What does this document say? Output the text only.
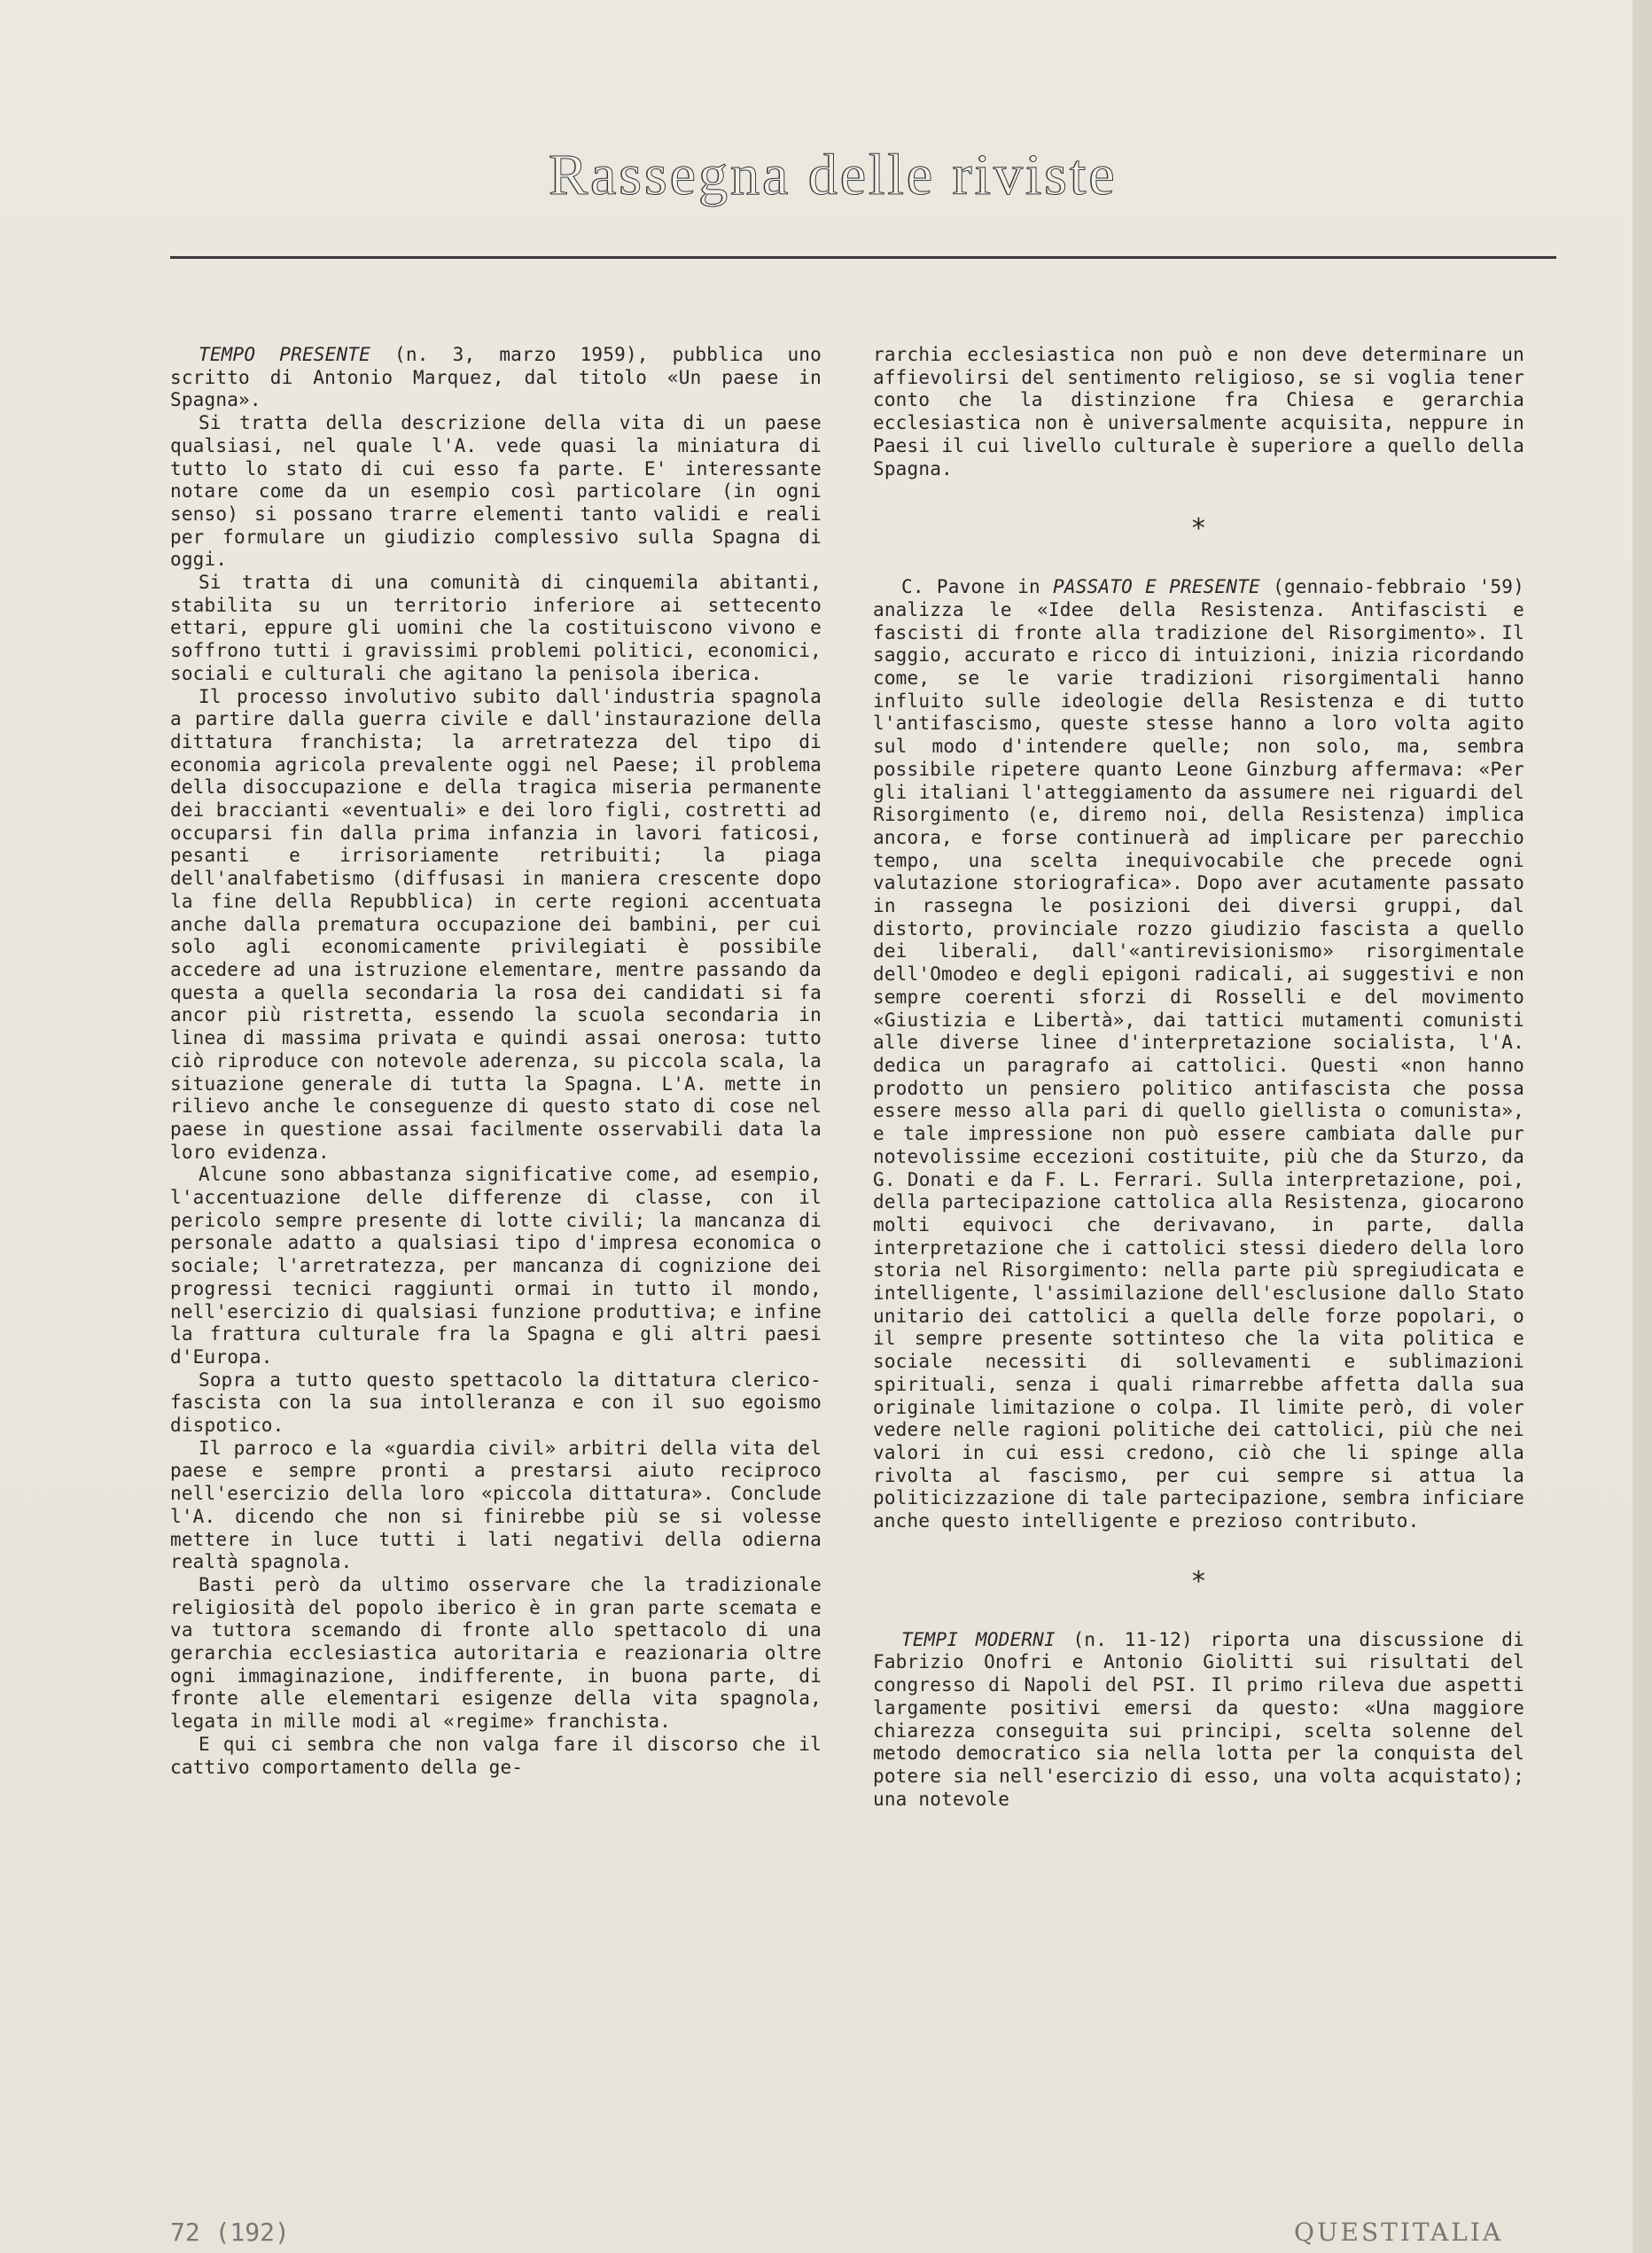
Rassegna delle riviste

TEMPO PRESENTE (n. 3, marzo 1959), pubblica uno scritto di Antonio Marquez, dal titolo «Un paese in Spagna».

Si tratta della descrizione della vita di un paese qualsiasi, nel quale l'A. vede quasi la miniatura di tutto lo stato di cui esso fa parte. E' interessante notare come da un esempio così particolare (in ogni senso) si possano trarre elementi tanto validi e reali per formulare un giudizio complessivo sulla Spagna di oggi.

Si tratta di una comunità di cinquemila abitanti, stabilita su un territorio inferiore ai settecento ettari, eppure gli uomini che la costituiscono vivono e soffrono tutti i gravissimi problemi politici, economici, sociali e culturali che agitano la penisola iberica.

Il processo involutivo subito dall'industria spagnola a partire dalla guerra civile e dall'instaurazione della dittatura franchista; la arretratezza del tipo di economia agricola prevalente oggi nel Paese; il problema della disoccupazione e della tragica miseria permanente dei braccianti «eventuali» e dei loro figli, costretti ad occuparsi fin dalla prima infanzia in lavori faticosi, pesanti e irrisoriamente retribuiti; la piaga dell'analfabetismo (diffusasi in maniera crescente dopo la fine della Repubblica) in certe regioni accentuata anche dalla prematura occupazione dei bambini, per cui solo agli economicamente privilegiati è possibile accedere ad una istruzione elementare, mentre passando da questa a quella secondaria la rosa dei candidati si fa ancor più ristretta, essendo la scuola secondaria in linea di massima privata e quindi assai onerosa: tutto ciò riproduce con notevole aderenza, su piccola scala, la situazione generale di tutta la Spagna. L'A. mette in rilievo anche le conseguenze di questo stato di cose nel paese in questione assai facilmente osservabili data la loro evidenza.

Alcune sono abbastanza significative come, ad esempio, l'accentuazione delle differenze di classe, con il pericolo sempre presente di lotte civili; la mancanza di personale adatto a qualsiasi tipo d'impresa economica o sociale; l'arretratezza, per mancanza di cognizione dei progressi tecnici raggiunti ormai in tutto il mondo, nell'esercizio di qualsiasi funzione produttiva; e infine la frattura culturale fra la Spagna e gli altri paesi d'Europa.

Sopra a tutto questo spettacolo la dittatura clerico-fascista con la sua intolleranza e con il suo egoismo dispotico.

Il parroco e la «guardia civil» arbitri della vita del paese e sempre pronti a prestarsi aiuto reciproco nell'esercizio della loro «piccola dittatura». Conclude l'A. dicendo che non si finirebbe più se si volesse mettere in luce tutti i lati negativi della odierna realtà spagnola.

Basti però da ultimo osservare che la tradizionale religiosità del popolo iberico è in gran parte scemata e va tuttora scemando di fronte allo spettacolo di una gerarchia ecclesiastica autoritaria e reazionaria oltre ogni immaginazione, indifferente, in buona parte, di fronte alle elementari esigenze della vita spagnola, legata in mille modi al «regime» franchista.

E qui ci sembra che non valga fare il discorso che il cattivo comportamento della ge-

rarchia ecclesiastica non può e non deve determinare un affievolirsi del sentimento religioso, se si voglia tener conto che la distinzione fra Chiesa e gerarchia ecclesiastica non è universalmente acquisita, neppure in Paesi il cui livello culturale è superiore a quello della Spagna.

*

C. Pavone in PASSATO E PRESENTE (gennaio-febbraio '59) analizza le «Idee della Resistenza. Antifascisti e fascisti di fronte alla tradizione del Risorgimento». Il saggio, accurato e ricco di intuizioni, inizia ricordando come, se le varie tradizioni risorgimentali hanno influito sulle ideologie della Resistenza e di tutto l'antifascismo, queste stesse hanno a loro volta agito sul modo d'intendere quelle; non solo, ma, sembra possibile ripetere quanto Leone Ginzburg affermava: «Per gli italiani l'atteggiamento da assumere nei riguardi del Risorgimento (e, diremo noi, della Resistenza) implica ancora, e forse continuerà ad implicare per parecchio tempo, una scelta inequivocabile che precede ogni valutazione storiografica». Dopo aver acutamente passato in rassegna le posizioni dei diversi gruppi, dal distorto, provinciale rozzo giudizio fascista a quello dei liberali, dall'«antirevisionismo» risorgimentale dell'Omodeo e degli epigoni radicali, ai suggestivi e non sempre coerenti sforzi di Rosselli e del movimento «Giustizia e Libertà», dai tattici mutamenti comunisti alle diverse linee d'interpretazione socialista, l'A. dedica un paragrafo ai cattolici. Questi «non hanno prodotto un pensiero politico antifascista che possa essere messo alla pari di quello giellista o comunista», e tale impressione non può essere cambiata dalle pur notevolissime eccezioni costituite, più che da Sturzo, da G. Donati e da F. L. Ferrari. Sulla interpretazione, poi, della partecipazione cattolica alla Resistenza, giocarono molti equivoci che derivavano, in parte, dalla interpretazione che i cattolici stessi diedero della loro storia nel Risorgimento: nella parte più spregiudicata e intelligente, l'assimilazione dell'esclusione dallo Stato unitario dei cattolici a quella delle forze popolari, o il sempre presente sottinteso che la vita politica e sociale necessiti di sollevamenti e sublimazioni spirituali, senza i quali rimarrebbe affetta dalla sua originale limitazione o colpa. Il limite però, di voler vedere nelle ragioni politiche dei cattolici, più che nei valori in cui essi credono, ciò che li spinge alla rivolta al fascismo, per cui sempre si attua la politicizzazione di tale partecipazione, sembra inficiare anche questo intelligente e prezioso contributo.

*

TEMPI MODERNI (n. 11-12) riporta una discussione di Fabrizio Onofri e Antonio Giolitti sui risultati del congresso di Napoli del PSI. Il primo rileva due aspetti largamente positivi emersi da questo: «Una maggiore chiarezza conseguita sui principi, scelta solenne del metodo democratico sia nella lotta per la conquista del potere sia nell'esercizio di esso, una volta acquistato); una notevole

72 (192)	QUESTITALIA
